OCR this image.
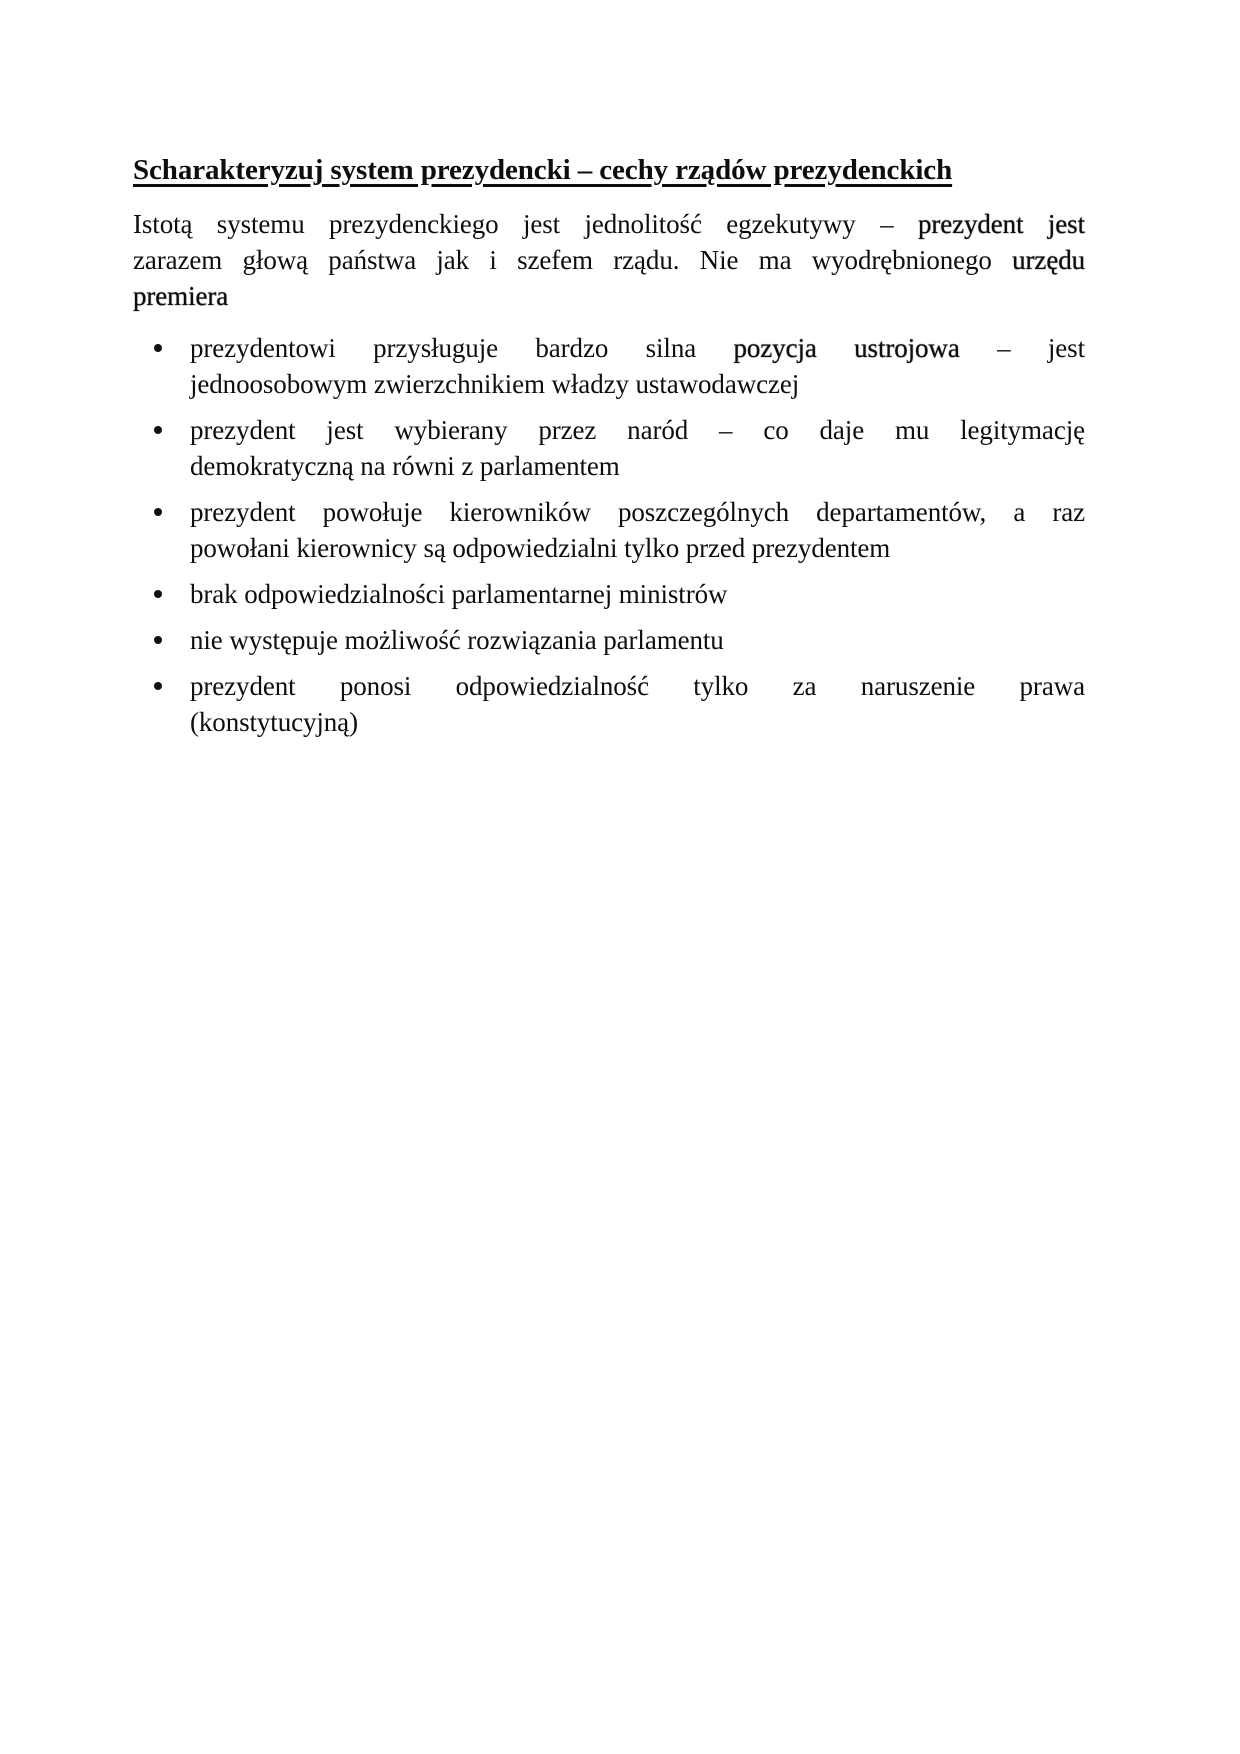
Scharakteryzuj system prezydencki – cechy rządów prezydenckich
Istotą systemu prezydenckiego jest jednolitość egzekutywy – prezydent jest
zarazem głową państwa jak i szefem rządu. Nie ma wyodrębnionego urzędu
premiera
prezydentowi przysługuje bardzo silna pozycja ustrojowa – jest
jednoosobowym zwierzchnikiem władzy ustawodawczej
prezydent jest wybierany przez naród – co daje mu legitymację
demokratyczną na równi z parlamentem
prezydent powołuje kierowników poszczególnych departamentów, a raz
powołani kierownicy są odpowiedzialni tylko przed prezydentem
brak odpowiedzialności parlamentarnej ministrów
nie występuje możliwość rozwiązania parlamentu
prezydent ponosi odpowiedzialność tylko za naruszenie prawa
(konstytucyjną)
